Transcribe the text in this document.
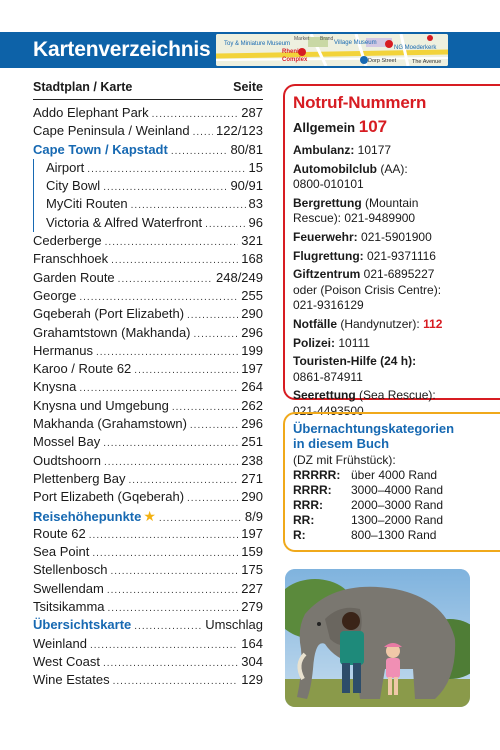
Kartenverzeichnis	Toy & Miniature Museum
Rhenish
Complex
Village Museum
Dorp Street
NG Moederkerk
The Avenue
Market Brand
Stadtplan / Karte	Seite
Addo Elephant Park .....	287
Cape Peninsula / Weinland ..... 122/123
Cape Town / Kapstadt .....	80/81
Airport .....	15
City Bowl .....	90/91
MyCiti Routen .....	83
Victoria & Alfred Waterfront .....	96
Cederberge .....	321
Franschhoek .....	168
Garden Route .....	248/249
George .....	255
Gqeberah (Port Elizabeth) .....	290
Grahamtstown (Makhanda) .....	296
Hermanus .....	199
Karoo / Route 62 .....	197
Knysna .....	264
Knysna und Umgebung .....	262
Makhanda (Grahamstown) .....	296
Mossel Bay .....	251
Oudtshoorn .....	238
Plettenberg Bay .....	271
Port Elizabeth (Gqeberah) .....	290
Reisehöhepunkte ★ .....	8/9
Route 62 .....	197
Sea Point .....	159
Stellenbosch .....	175
Swellendam .....	227
Tsitsikamma .....	279
Übersichtskarte .....	Umschlag
Weinland .....	164
West Coast .....	304
Wine Estates .....	129
Notruf-Nummern
Allgemein 107
Ambulanz: 10177
Automobilclub (AA):
0800-010101
Bergrettung (Mountain
Rescue): 021-9489900
Feuerwehr: 021-5901900
Flugrettung: 021-9371116
Giftzentrum 021-6895227
oder (Poison Crisis Centre):
021-9316129
Notfälle (Handynutzer): 112
Polizei: 10111
Touristen-Hilfe (24 h):
0861-874911
Seerettung (Sea Rescue):
021-4493500
Übernachtungskategorien
in diesem Buch
(DZ mit Frühstück):
RRRRR: über 4000 Rand
RRRR:	3000–4000 Rand
RRR:	2000–3000 Rand
RR:	1300–2000 Rand
R:	800–1300 Rand
